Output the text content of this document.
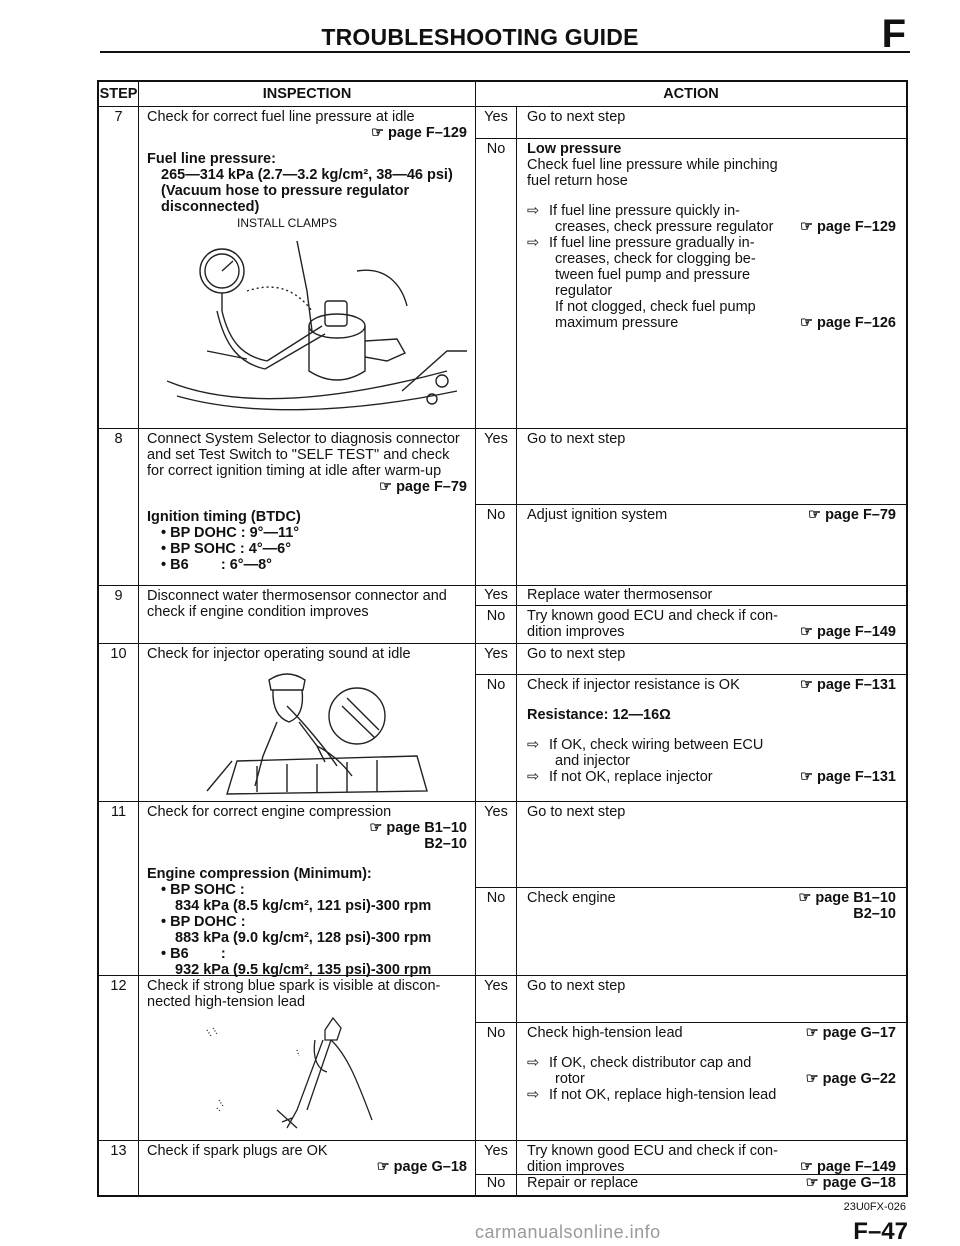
TROUBLESHOOTING GUIDE	F
STEP	INSPECTION	ACTION
7	Check for correct fuel line pressure at idle
☞ page F–129
Fuel line pressure:
265—314 kPa (2.7—3.2 kg/cm², 38—46 psi)
(Vacuum hose to pressure regulator
disconnected)
INSTALL CLAMPS
Yes	Go to next step
No	Low pressure
Check fuel line pressure while pinching
fuel return hose
⇨ If fuel line pressure quickly in-
creases, check pressure regulator ☞ page F–129
⇨ If fuel line pressure gradually in-
creases, check for clogging be-
tween fuel pump and pressure
regulator
If not clogged, check fuel pump
maximum pressure	☞ page F–126
8	Connect System Selector to diagnosis connector
and set Test Switch to "SELF TEST" and check
for correct ignition timing at idle after warm-up
☞ page F–79
Ignition timing (BTDC)
• BP DOHC : 9°—11°
• BP SOHC : 4°—6°
• B6        : 6°—8°
Yes	Go to next step
No	Adjust ignition system	☞ page F–79
9	Disconnect water thermosensor connector and
check if engine condition improves
Yes	Replace water thermosensor
No	Try known good ECU and check if con-
dition improves	☞ page F–149
10	Check for injector operating sound at idle	Yes	Go to next step
No	Check if injector resistance is OK	☞ page F–131
Resistance: 12—16Ω
⇨ If OK, check wiring between ECU
and injector
⇨ If not OK, replace injector	☞ page F–131
11	Check for correct engine compression
☞ page B1–10
B2–10
Engine compression (Minimum):
• BP SOHC :
834 kPa (8.5 kg/cm², 121 psi)-300 rpm
• BP DOHC :
883 kPa (9.0 kg/cm², 128 psi)-300 rpm
• B6        :
932 kPa (9.5 kg/cm², 135 psi)-300 rpm
Yes	Go to next step
No	Check engine	☞ page B1–10
B2–10
12	Check if strong blue spark is visible at discon-
nected high-tension lead
Yes	Go to next step
No	Check high-tension lead	☞ page G–17
⇨ If OK, check distributor cap and
rotor	☞ page G–22
⇨ If not OK, replace high-tension lead
13	Check if spark plugs are OK
☞ page G–18
Yes	Try known good ECU and check if con-
dition improves	☞ page F–149
No	Repair or replace	☞ page G–18
23U0FX-026
carmanualsonline.info	F–47
